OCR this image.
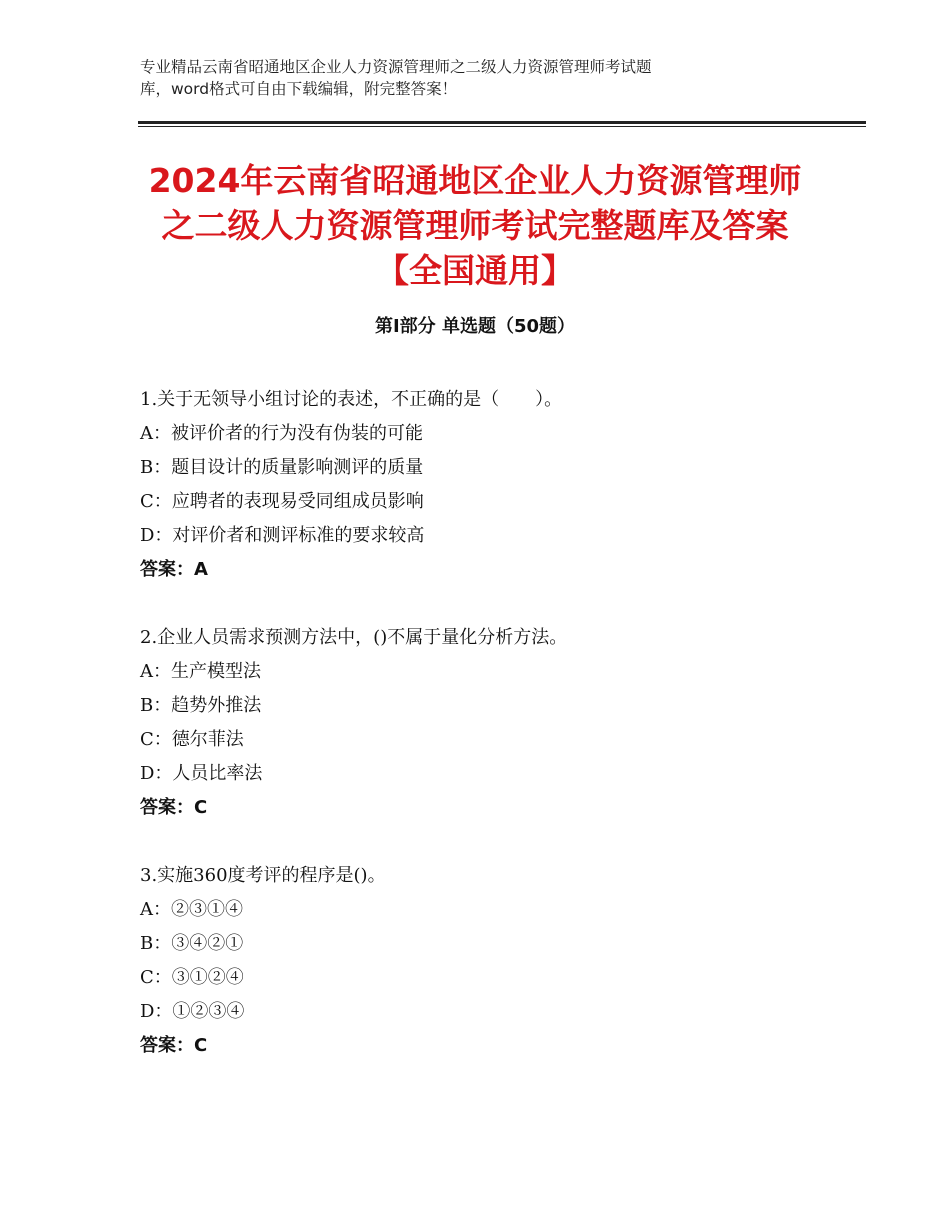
专业精品云南省昭通地区企业人力资源管理师之二级人力资源管理师考试题
库，word格式可自由下载编辑，附完整答案！
2024年云南省昭通地区企业人力资源管理师
之二级人力资源管理师考试完整题库及答案
【全国通用】
第Ⅰ部分 单选题（50题）
1.关于无领导小组讨论的表述，不正确的是（　　）。
A：被评价者的行为没有伪装的可能
B：题目设计的质量影响测评的质量
C：应聘者的表现易受同组成员影响
D：对评价者和测评标准的要求较高
答案：A
2.企业人员需求预测方法中，()不属于量化分析方法。
A：生产模型法
B：趋势外推法
C：德尔菲法
D：人员比率法
答案：C
3.实施360度考评的程序是()。
A：②③①④
B：③④②①
C：③①②④
D：①②③④
答案：C
